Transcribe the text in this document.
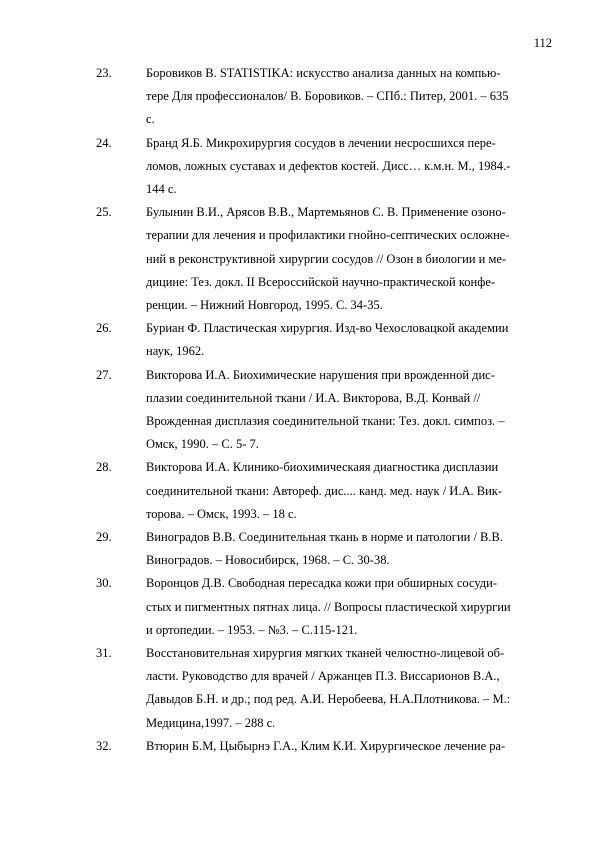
112
23.	Боровиков В. STATISTIKA: искусство анализа данных на компью-
тере Для профессионалов/ В. Боровиков. – СПб.: Питер, 2001. – 635
с.
24.	Бранд Я.Б. Микрохирургия сосудов в лечении несросшихся пере-
ломов, ложных суставах и дефектов костей. Дисс… к.м.н. М., 1984.-
144 с.
25.	Булынин В.И., Арясов В.В., Мартемьянов С. В. Применение озоно-
терапии для лечения и профилактики гнойно-септических осложне-
ний в реконструктивной хирургии сосудов // Озон в биологии и ме-
дицине: Тез. докл. II Всероссийской научно-практической конфе-
ренции. – Нижний Новгород, 1995. С. 34-35.
26.	Буриан Ф. Пластическая хирургия. Изд-во Чехословацкой академии
наук, 1962.
27.	Викторова И.А. Биохимические нарушения при врожденной дис-
плазии соединительной ткани / И.А. Викторова, В.Д. Конвай //
Врожденная дисплазия соединительной ткани: Тез. докл. симпоз. –
Омск, 1990. – С. 5- 7.
28.	Викторова И.А. Клинико-биохимическаяя диагностика дисплазии
соединительной ткани: Автореф. дис.... канд. мед. наук / И.А. Вик-
торова. – Омск, 1993. – 18 с.
29.	Виноградов В.В. Соединительная ткань в норме и патологии / В.В.
Виноградов. – Новосибирск, 1968. – С. 30-38.
30.	Воронцов Д.В. Свободная пересадка кожи при обширных сосуди-
стых и пигментных пятнах лица. // Вопросы пластической хирургии
и ортопедии. – 1953. – №3. – С.115-121.
31.	Восстановительная хирургия мягких тканей челюстно-лицевой об-
ласти. Руководство для врачей / Аржанцев П.З. Виссарионов В.А.,
Давыдов Б.Н. и др.; под ред. А.И. Неробеева, Н.А.Плотникова. – М.:
Медицина,1997. – 288 с.
32.	Втюрин Б.М, Цыбырнэ Г.А., Клим К.И. Хирургическое лечение ра-
